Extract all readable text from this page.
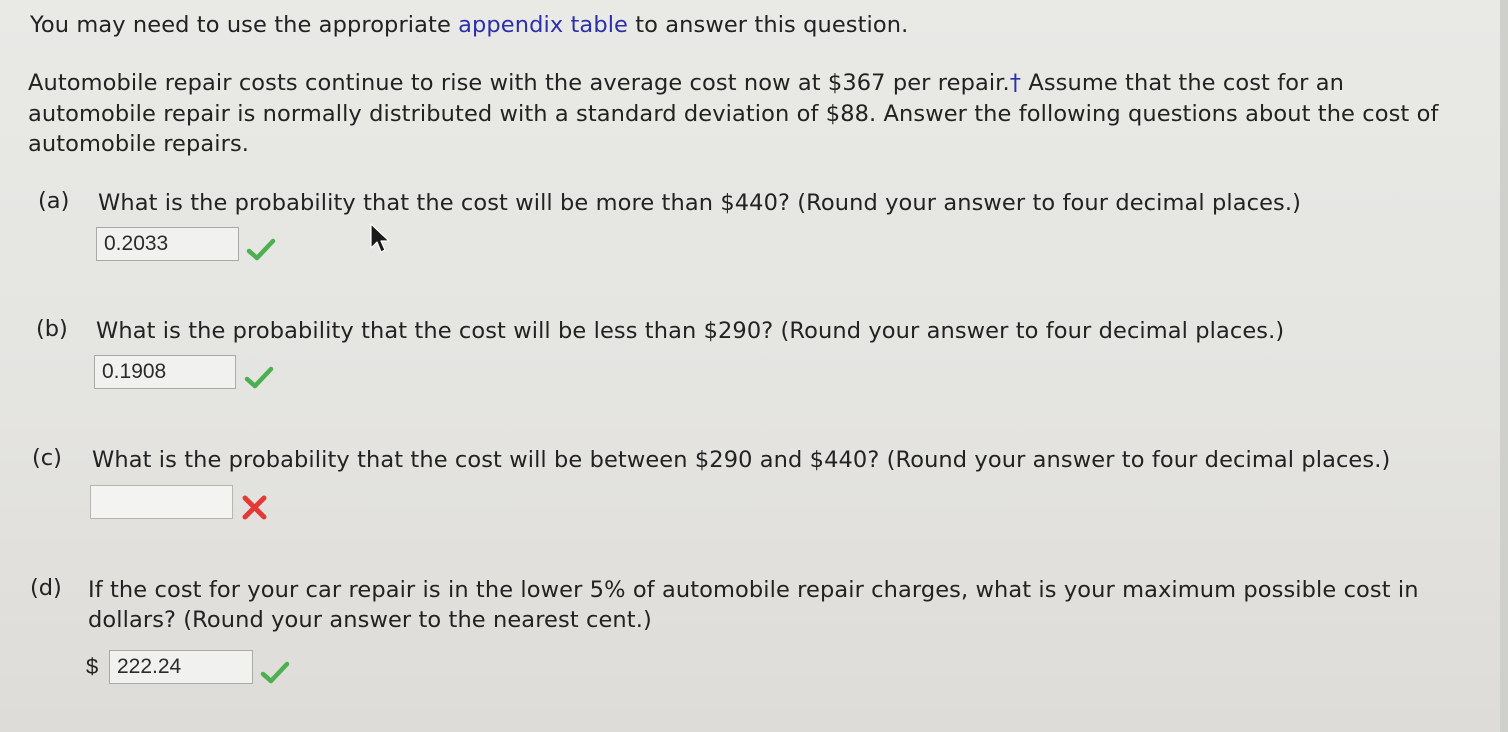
You may need to use the appropriate appendix table to answer this question.
Automobile repair costs continue to rise with the average cost now at $367 per repair.† Assume that the cost for an
automobile repair is normally distributed with a standard deviation of $88. Answer the following questions about the cost of
automobile repairs.
(a) What is the probability that the cost will be more than $440? (Round your answer to four decimal places.)
0.2033
(b) What is the probability that the cost will be less than $290? (Round your answer to four decimal places.)
0.1908
(c) What is the probability that the cost will be between $290 and $440? (Round your answer to four decimal places.)
(d) If the cost for your car repair is in the lower 5% of automobile repair charges, what is your maximum possible cost in
dollars? (Round your answer to the nearest cent.)
$ 222.24
